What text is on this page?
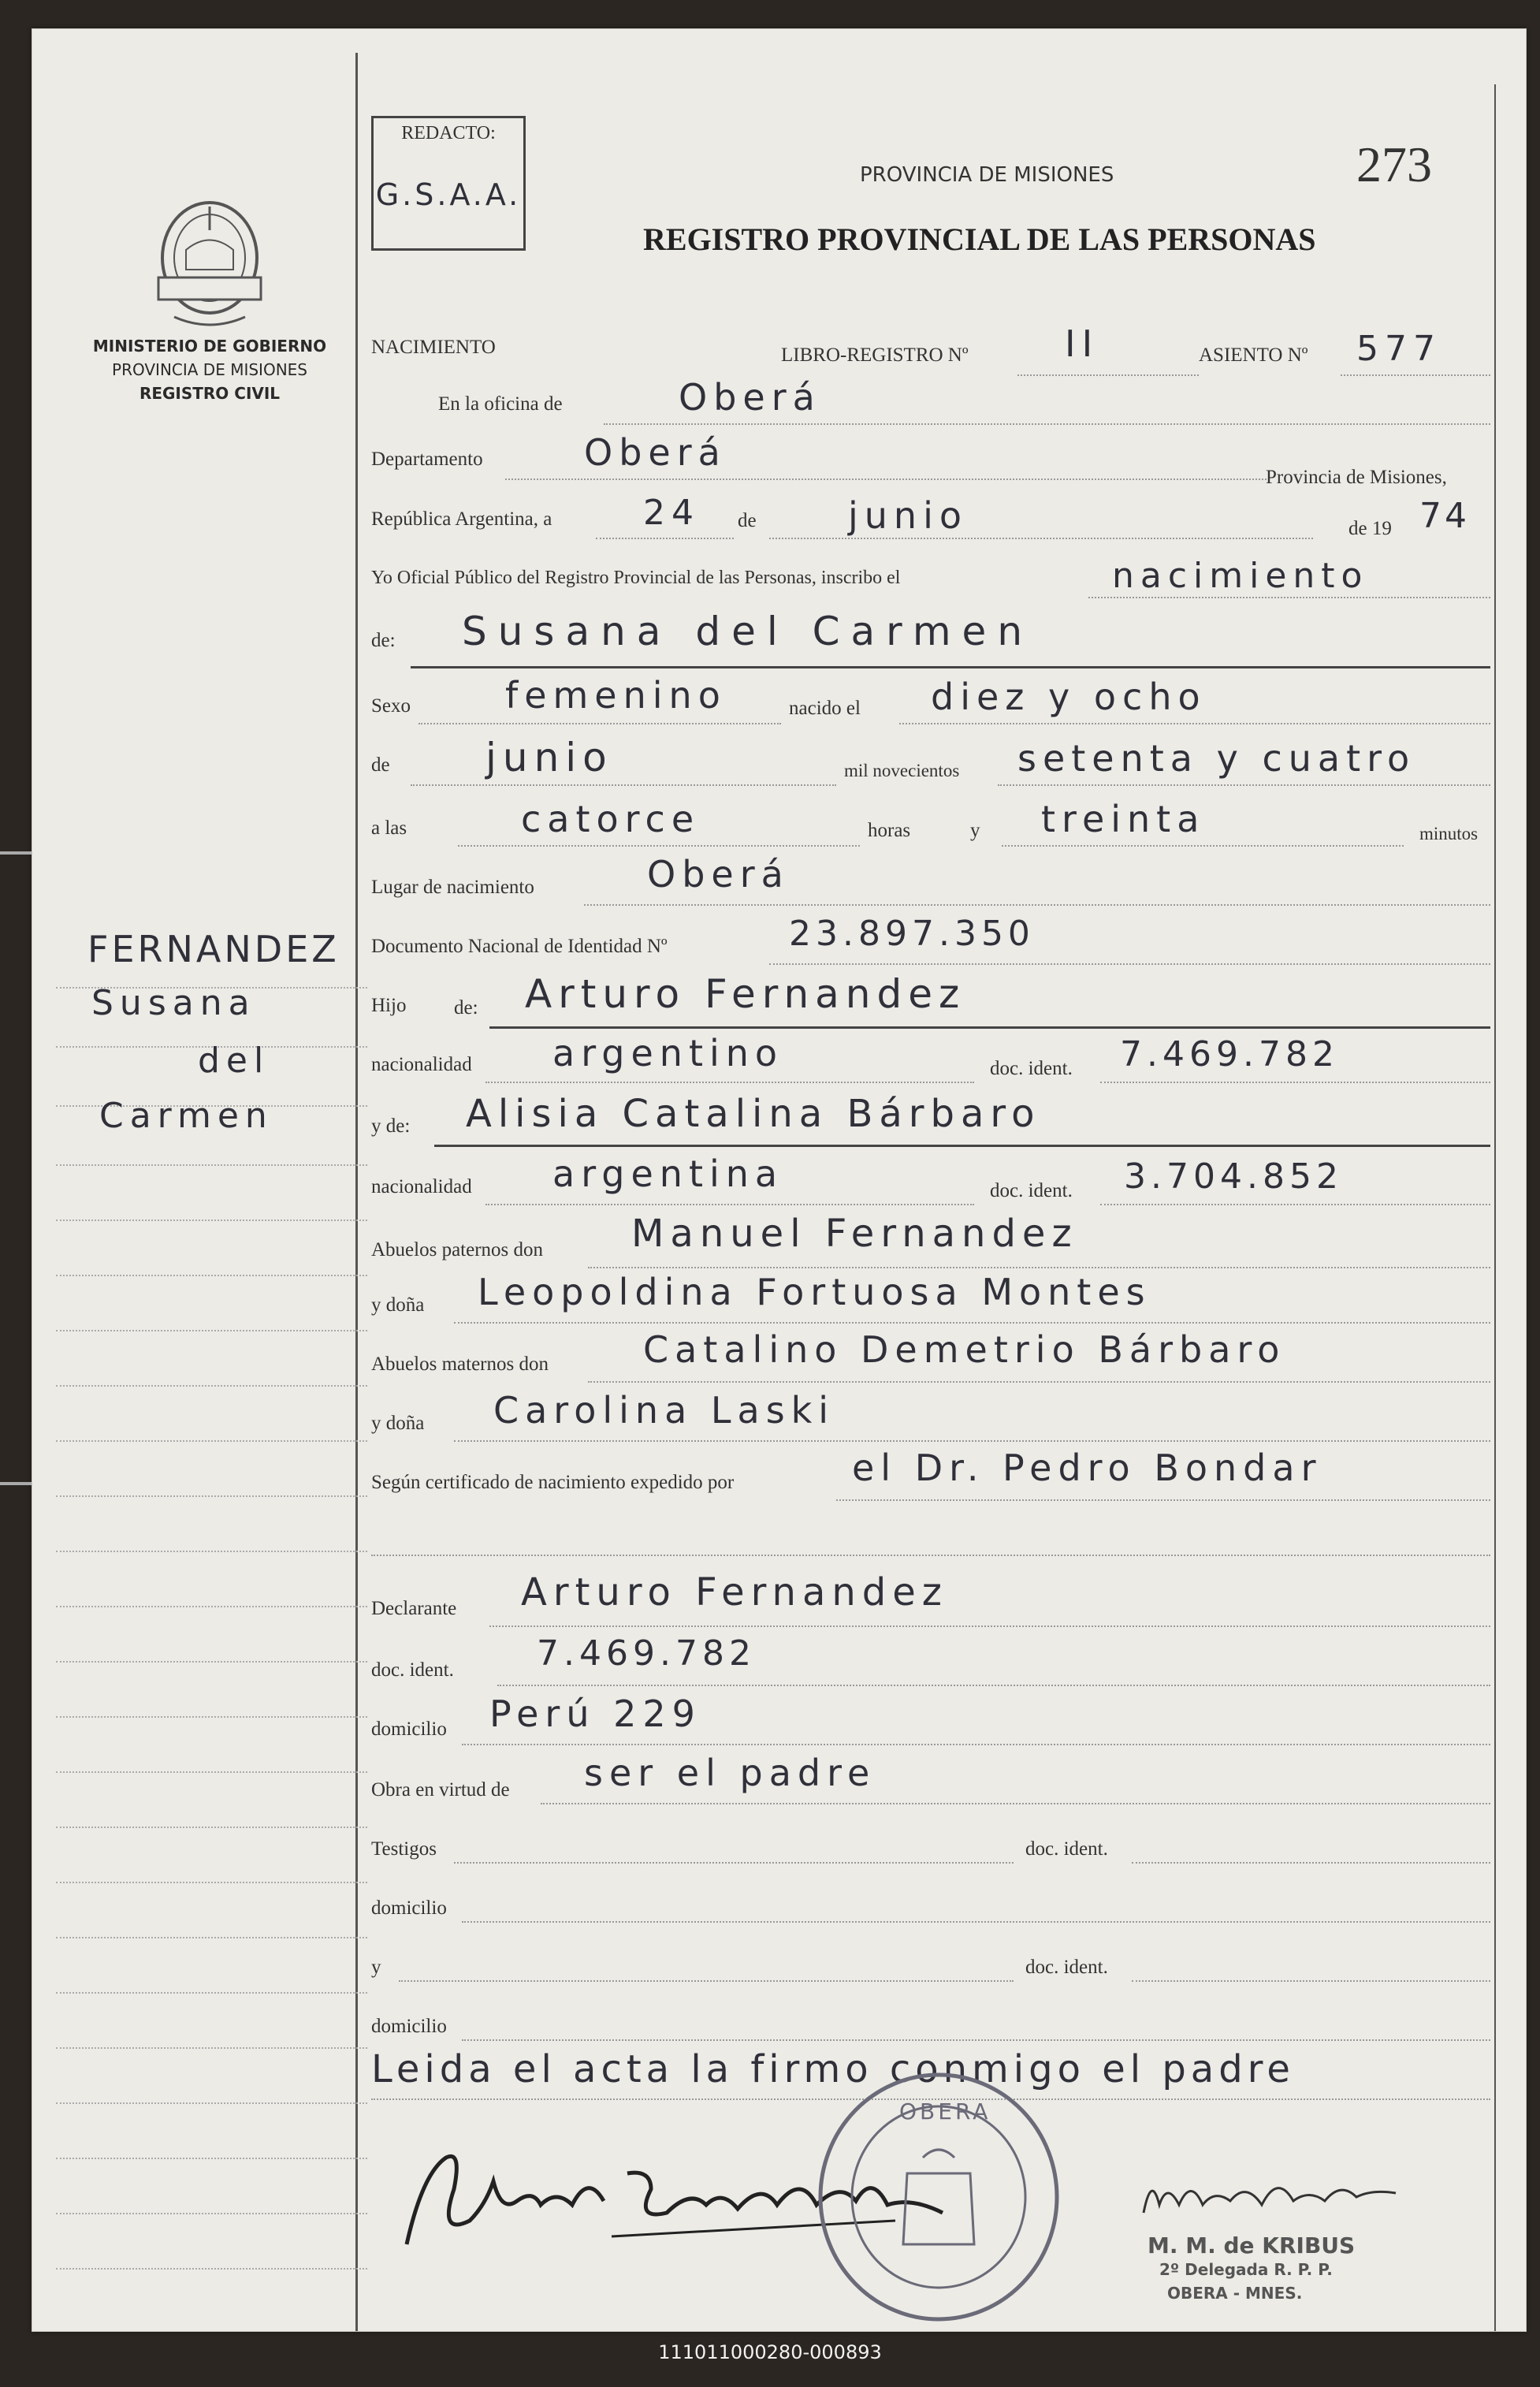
MINISTERIO DE GOBIERNO
PROVINCIA DE MISIONES
REGISTRO CIVIL
FERNANDEZ
Susana
del
Carmen
REDACTO:
G.S.A.A.
PROVINCIA DE MISIONES	273
REGISTRO PROVINCIAL DE LAS PERSONAS
NACIMIENTO	LIBRO-REGISTRO Nº	II	ASIENTO Nº 577
En la oficina de	Oberá
Departamento	Oberá
Provincia de Misiones,
República Argentina, a	24 de	junio	de 19 74
Yo Oficial Público del Registro Provincial de las Personas, inscribo el	nacimiento
de: Susana del Carmen
Sexo	femenino	nacido el diez y ocho
de junio	mil novecientos setenta y cuatro
a las	catorce	horas	y treinta	minutos
Lugar de nacimiento	Oberá
Documento Nacional de Identidad Nº	23.897.350
Hijo de: Arturo Fernandez
nacionalidad argentino	doc. ident. 7.469.782
y de: Alisia Catalina Bárbaro
nacionalidad argentina	doc. ident. 3.704.852
Abuelos paternos don Manuel Fernandez
y doña Leopoldina Fortuosa Montes
Abuelos maternos don	Catalino Demetrio Bárbaro
y doña Carolina Laski
Según certificado de nacimiento expedido por	el Dr. Pedro Bondar
Declarante Arturo Fernandez
doc. ident. 7.469.782
domicilio Perú 229
Obra en virtud de ser el padre
Testigos	doc. ident.
domicilio
y	doc. ident.
domicilio
Leida el acta la firmo conmigo el padre
OBERA
M. M. de KRIBUS
2º Delegada R. P. P.
OBERA - MNES.
11101100028​0-000893
